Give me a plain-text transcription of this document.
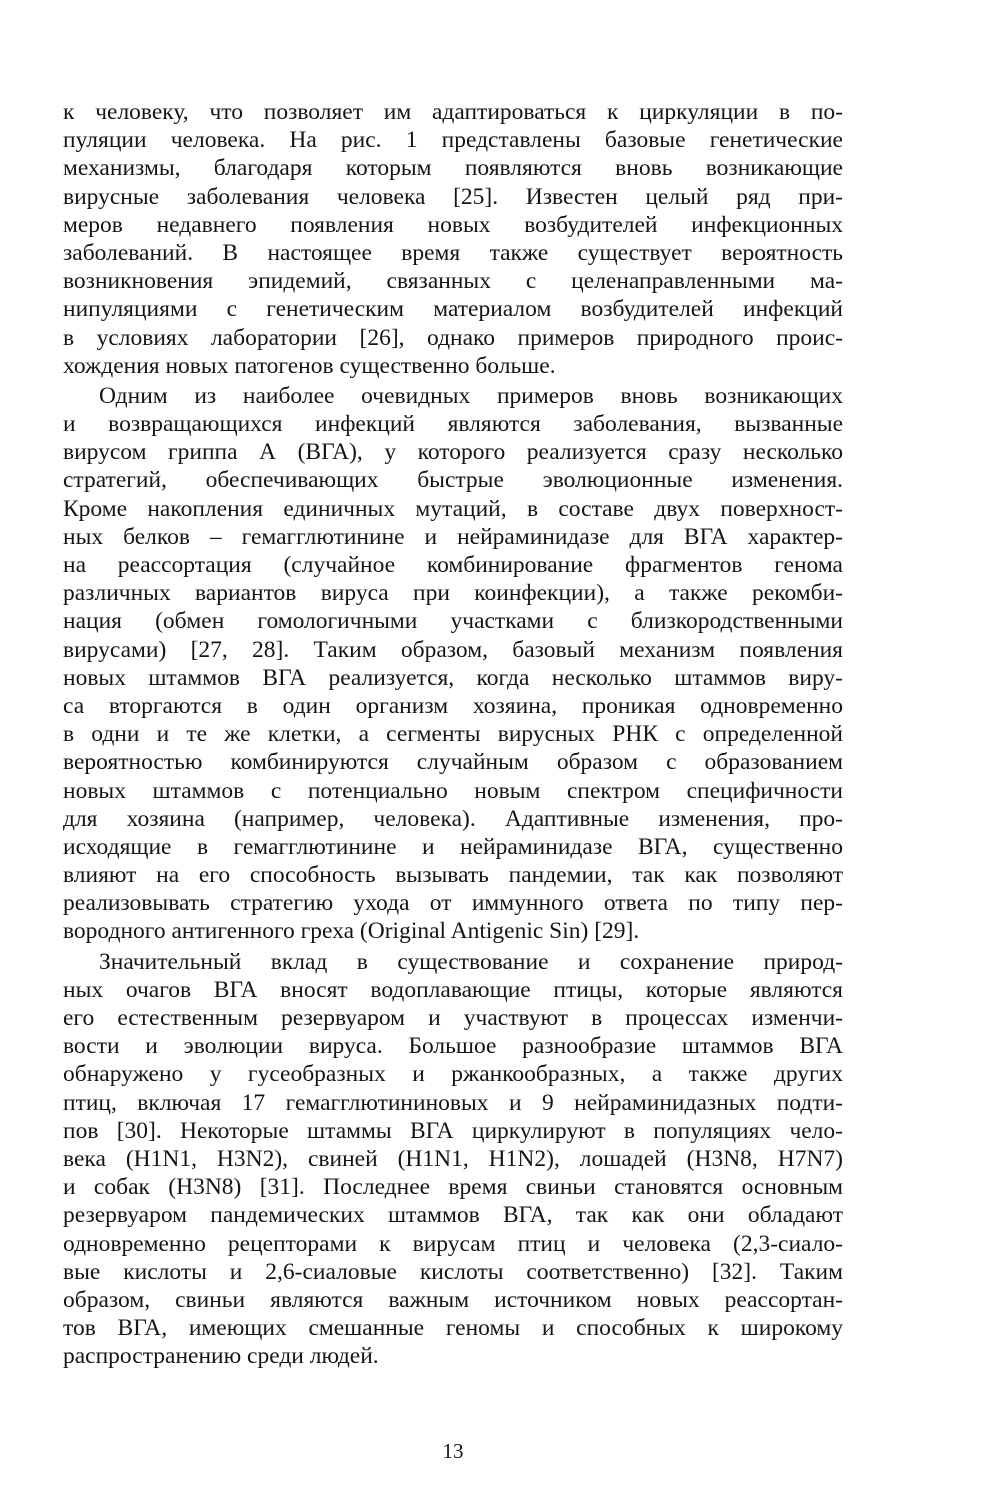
к человеку, что позволяет им адаптироваться к циркуляции в по-
пуляции человека. На рис. 1 представлены базовые генетические
механизмы, благодаря которым появляются вновь возникающие
вирусные заболевания человека [25]. Известен целый ряд при-
меров недавнего появления новых возбудителей инфекционных
заболеваний. В настоящее время также существует вероятность
возникновения эпидемий, связанных с целенаправленными ма-
нипуляциями с генетическим материалом возбудителей инфекций
в условиях лаборатории [26], однако примеров природного проис-
хождения новых патогенов существенно больше.
Одним из наиболее очевидных примеров вновь возникающих
и возвращающихся инфекций являются заболевания, вызванные
вирусом гриппа А (ВГА), у которого реализуется сразу несколько
стратегий, обеспечивающих быстрые эволюционные изменения.
Кроме накопления единичных мутаций, в составе двух поверхност-
ных белков – гемагглютинине и нейраминидазе для ВГА характер-
на реассортация (случайное комбинирование фрагментов генома
различных вариантов вируса при коинфекции), а также рекомби-
нация (обмен гомологичными участками с близкородственными
вирусами) [27, 28]. Таким образом, базовый механизм появления
новых штаммов ВГА реализуется, когда несколько штаммов виру-
са вторгаются в один организм хозяина, проникая одновременно
в одни и те же клетки, а сегменты вирусных РНК с определенной
вероятностью комбинируются случайным образом с образованием
новых штаммов с потенциально новым спектром специфичности
для хозяина (например, человека). Адаптивные изменения, про-
исходящие в гемагглютинине и нейраминидазе ВГА, существенно
влияют на его способность вызывать пандемии, так как позволяют
реализовывать стратегию ухода от иммунного ответа по типу пер-
вородного антигенного греха (Original Antigenic Sin) [29].
Значительный вклад в существование и сохранение природ-
ных очагов ВГА вносят водоплавающие птицы, которые являются
его естественным резервуаром и участвуют в процессах изменчи-
вости и эволюции вируса. Большое разнообразие штаммов ВГА
обнаружено у гусеобразных и ржанкообразных, а также других
птиц, включая 17 гемагглютининовых и 9 нейраминидазных подти-
пов [30]. Некоторые штаммы ВГА циркулируют в популяциях чело-
века (H1N1, H3N2), свиней (H1N1, H1N2), лошадей (H3N8, H7N7)
и собак (H3N8) [31]. Последнее время свиньи становятся основным
резервуаром пандемических штаммов ВГА, так как они обладают
одновременно рецепторами к вирусам птиц и человека (2,3-сиало-
вые кислоты и 2,6-сиаловые кислоты соответственно) [32]. Таким
образом, свиньи являются важным источником новых реассортан-
тов ВГА, имеющих смешанные геномы и способных к широкому
распространению среди людей.
13
